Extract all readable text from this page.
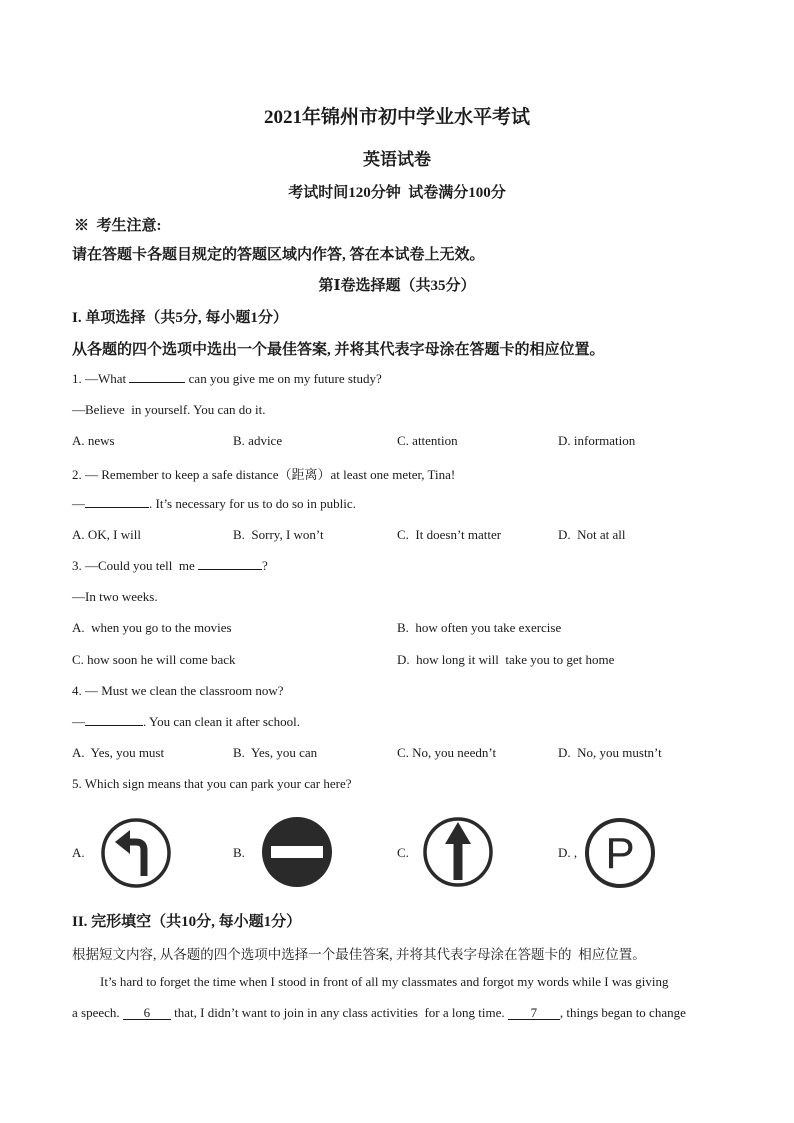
2021年锦州市初中学业水平考试
英语试卷
考试时间120分钟  试卷满分100分
※  考生注意:
请在答题卡各题目规定的答题区域内作答, 答在本试卷上无效。
第Ⅰ卷选择题（共35分）
I. 单项选择（共5分, 每小题1分）
从各题的四个选项中选出一个最佳答案, 并将其代表字母涂在答题卡的相应位置。
1. —What	can you give me on my future study?
—Believe  in yourself. You can do it.
A. news	B. advice	C. attention	D. information
2. — Remember to keep a safe distance（距离）at least one meter, Tina!
—	. It’s necessary for us to do so in public.
A. OK, I will	B.  Sorry, I won’t	C.  It doesn’t matter	D.  Not at all
3. —Could you tell  me	?
—In two weeks.
A.  when you go to the movies	B.  how often you take exercise
C. how soon he will come back	D.  how long it will  take you to get home
4. — Must we clean the classroom now?
—	. You can clean it after school.
A.  Yes, you must	B.  Yes, you can	C. No, you needn’t	D.  No, you mustn’t
5. Which sign means that you can park your car here?
A.	B.	C.	D. , P
II. 完形填空（共10分, 每小题1分）
根据短文内容, 从各题的四个选项中选择一个最佳答案, 并将其代表字母涂在答题卡的  相应位置。
It’s hard to forget the time when I stood in front of all my classmates and forgot my words while I was giving
a speech. 6 that, I didn’t want to join in any class activities  for a long time. 7 , things began to change
